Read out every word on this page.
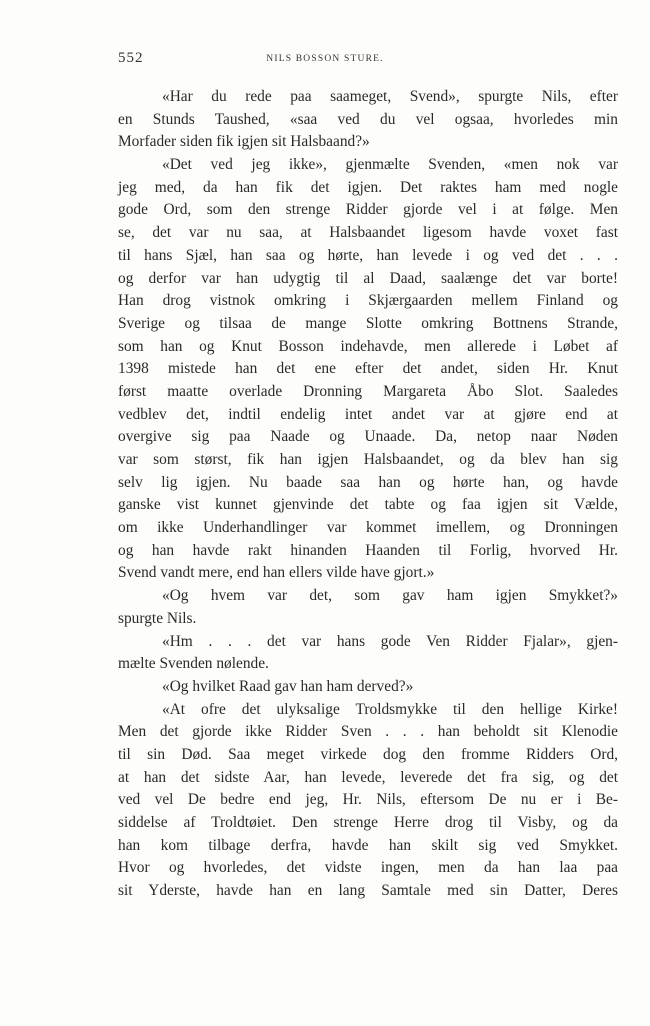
552	NILS BOSSON STURE.
«Har du rede paa saameget, Svend», spurgte Nils, efter
en Stunds Taushed, «saa ved du vel ogsaa, hvorledes min
Morfader siden fik igjen sit Halsbaand?»
«Det ved jeg ikke», gjenmælte Svenden, «men nok var
jeg med, da han fik det igjen. Det raktes ham med nogle
gode Ord, som den strenge Ridder gjorde vel i at følge. Men
se, det var nu saa, at Halsbaandet ligesom havde voxet fast
til hans Sjæl, han saa og hørte, han levede i og ved det . . .
og derfor var han udygtig til al Daad, saalænge det var borte!
Han drog vistnok omkring i Skjærgaarden mellem Finland og
Sverige og tilsaa de mange Slotte omkring Bottnens Strande,
som han og Knut Bosson indehavde, men allerede i Løbet af
1398 mistede han det ene efter det andet, siden Hr. Knut
først maatte overlade Dronning Margareta Åbo Slot. Saaledes
vedblev det, indtil endelig intet andet var at gjøre end at
overgive sig paa Naade og Unaade. Da, netop naar Nøden
var som størst, fik han igjen Halsbaandet, og da blev han sig
selv lig igjen. Nu baade saa han og hørte han, og havde
ganske vist kunnet gjenvinde det tabte og faa igjen sit Vælde,
om ikke Underhandlinger var kommet imellem, og Dronningen
og han havde rakt hinanden Haanden til Forlig, hvorved Hr.
Svend vandt mere, end han ellers vilde have gjort.»
«Og hvem var det, som gav ham igjen Smykket?»
spurgte Nils.
«Hm . . . det var hans gode Ven Ridder Fjalar», gjen-
mælte Svenden nølende.
«Og hvilket Raad gav han ham derved?»
«At ofre det ulyksalige Troldsmykke til den hellige Kirke!
Men det gjorde ikke Ridder Sven . . . han beholdt sit Klenodie
til sin Død. Saa meget virkede dog den fromme Ridders Ord,
at han det sidste Aar, han levede, leverede det fra sig, og det
ved vel De bedre end jeg, Hr. Nils, eftersom De nu er i Be-
siddelse af Troldtøiet. Den strenge Herre drog til Visby, og da
han kom tilbage derfra, havde han skilt sig ved Smykket.
Hvor og hvorledes, det vidste ingen, men da han laa paa
sit Yderste, havde han en lang Samtale med sin Datter, Deres
